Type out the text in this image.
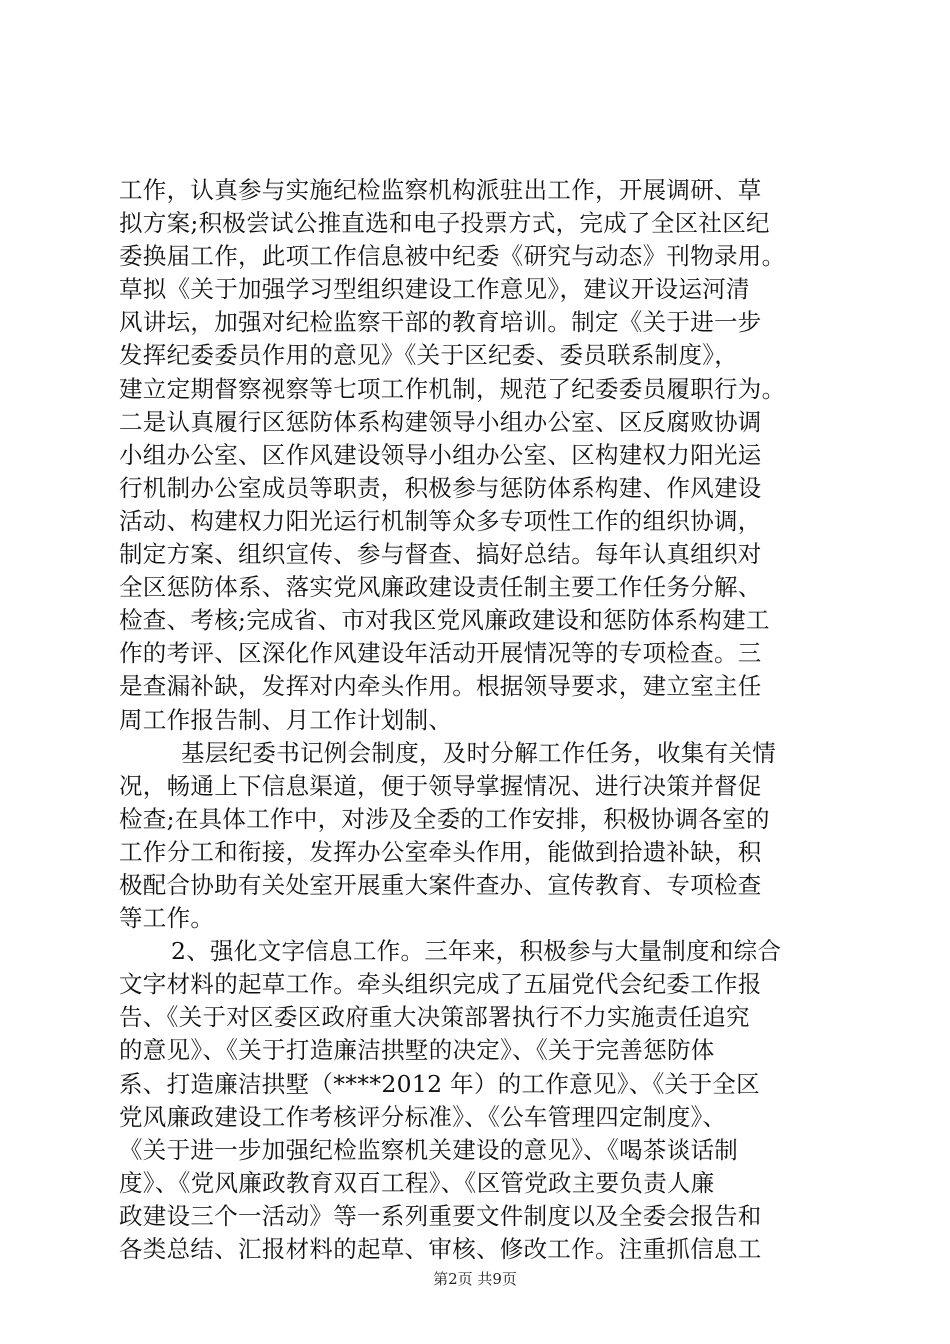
工作，认真参与实施纪检监察机构派驻出工作，开展调研、草
拟方案;积极尝试公推直选和电子投票方式，完成了全区社区纪
委换届工作，此项工作信息被中纪委《研究与动态》刊物录用。
草拟《关于加强学习型组织建设工作意见》，建议开设运河清
风讲坛，加强对纪检监察干部的教育培训。制定《关于进一步
发挥纪委委员作用的意见》《关于区纪委、委员联系制度》，
建立定期督察视察等七项工作机制，规范了纪委委员履职行为。
二是认真履行区惩防体系构建领导小组办公室、区反腐败协调
小组办公室、区作风建设领导小组办公室、区构建权力阳光运
行机制办公室成员等职责，积极参与惩防体系构建、作风建设
活动、构建权力阳光运行机制等众多专项性工作的组织协调，
制定方案、组织宣传、参与督查、搞好总结。每年认真组织对
全区惩防体系、落实党风廉政建设责任制主要工作任务分解、
检查、考核;完成省、市对我区党风廉政建设和惩防体系构建工
作的考评、区深化作风建设年活动开展情况等的专项检查。三
是查漏补缺，发挥对内牵头作用。根据领导要求，建立室主任
周工作报告制、月工作计划制、
基层纪委书记例会制度，及时分解工作任务，收集有关情
况，畅通上下信息渠道，便于领导掌握情况、进行决策并督促
检查;在具体工作中，对涉及全委的工作安排，积极协调各室的
工作分工和衔接，发挥办公室牵头作用，能做到拾遗补缺，积
极配合协助有关处室开展重大案件查办、宣传教育、专项检查
等工作。
2、强化文字信息工作。三年来，积极参与大量制度和综合
文字材料的起草工作。牵头组织完成了五届党代会纪委工作报
告、《关于对区委区政府重大决策部署执行不力实施责任追究
的意见》、《关于打造廉洁拱墅的决定》、《关于完善惩防体
系、打造廉洁拱墅（****2012 年）的工作意见》、《关于全区
党风廉政建设工作考核评分标准》、《公车管理四定制度》、
《关于进一步加强纪检监察机关建设的意见》、《喝茶谈话制
度》、《党风廉政教育双百工程》、《区管党政主要负责人廉
政建设三个一活动》等一系列重要文件制度以及全委会报告和
各类总结、汇报材料的起草、审核、修改工作。注重抓信息工
第2页 共9页
